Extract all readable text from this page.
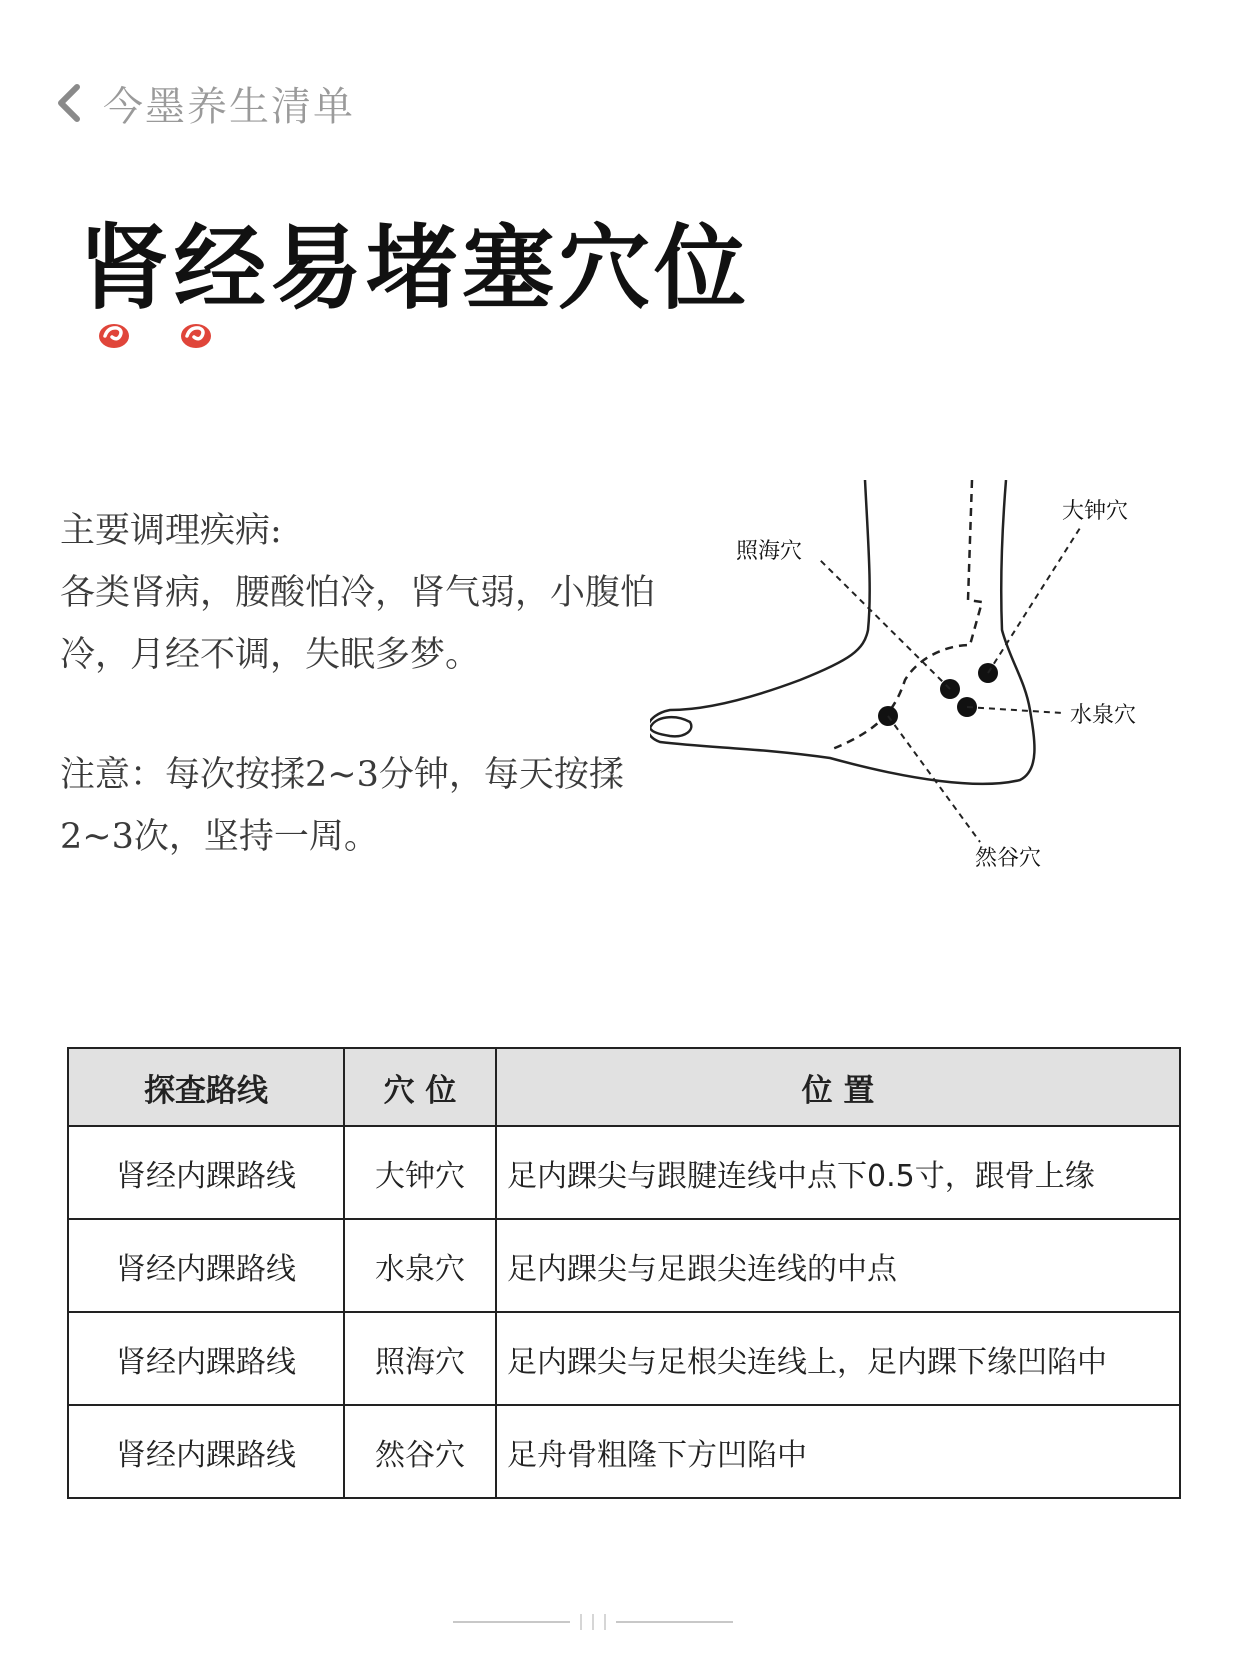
今墨养生清单
肾经易堵塞穴位

主要调理疾病:

各类肾病，腰酸怕冷，肾气弱，小腹怕冷，月经不调，失眠多梦。

注意：每次按揉2~3分钟，每天按揉2~3次，坚持一周。

大钟穴
照海穴
水泉穴
然谷穴
探查路线	穴 位	位 置
肾经内踝路线	大钟穴	足内踝尖与跟腱连线中点下0.5寸，跟骨上缘
肾经内踝路线	水泉穴	足内踝尖与足跟尖连线的中点
肾经内踝路线	照海穴	足内踝尖与足根尖连线上，足内踝下缘凹陷中
肾经内踝路线	然谷穴	足舟骨粗隆下方凹陷中
